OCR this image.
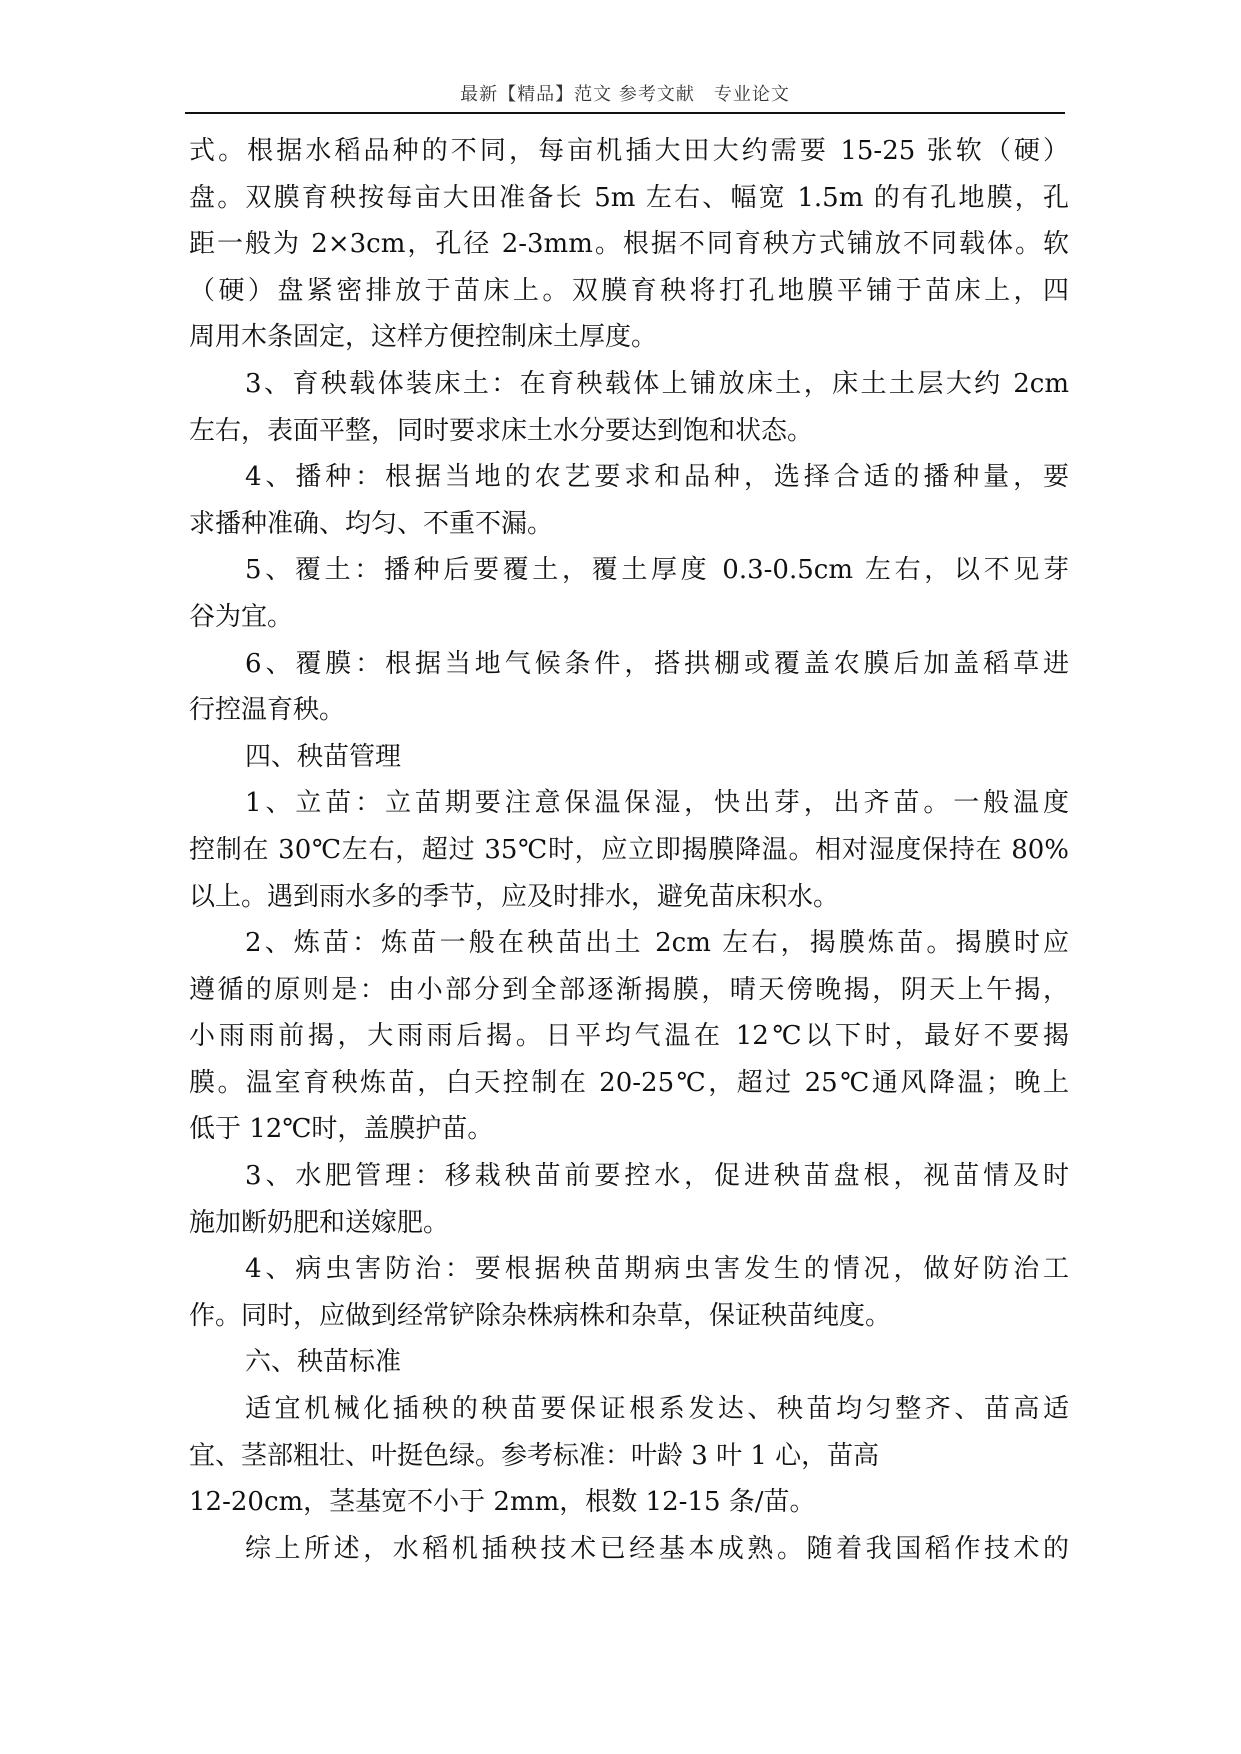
最新【精品】范文 参考文献　专业论文

式。根据水稻品种的不同，每亩机插大田大约需要 15-25 张软（硬）

盘。双膜育秧按每亩大田准备长 5m 左右、幅宽 1.5m 的有孔地膜，孔

距一般为 2×3cm，孔径 2-3mm。根据不同育秧方式铺放不同载体。软

（硬）盘紧密排放于苗床上。双膜育秧将打孔地膜平铺于苗床上，四

周用木条固定，这样方便控制床土厚度。

3、育秧载体装床土：在育秧载体上铺放床土，床土土层大约 2cm

左右，表面平整，同时要求床土水分要达到饱和状态。

4、播种：根据当地的农艺要求和品种，选择合适的播种量，要

求播种准确、均匀、不重不漏。

5、覆土：播种后要覆土，覆土厚度 0.3-0.5cm 左右，以不见芽

谷为宜。

6、覆膜：根据当地气候条件，搭拱棚或覆盖农膜后加盖稻草进

行控温育秧。

四、秧苗管理

1、立苗：立苗期要注意保温保湿，快出芽，出齐苗。一般温度

控制在 30℃左右，超过 35℃时，应立即揭膜降温。相对湿度保持在 80%

以上。遇到雨水多的季节，应及时排水，避免苗床积水。

2、炼苗：炼苗一般在秧苗出土 2cm 左右，揭膜炼苗。揭膜时应

遵循的原则是：由小部分到全部逐渐揭膜，晴天傍晚揭，阴天上午揭，

小雨雨前揭，大雨雨后揭。日平均气温在 12℃以下时，最好不要揭

膜。温室育秧炼苗，白天控制在 20-25℃，超过 25℃通风降温；晚上

低于 12℃时，盖膜护苗。

3、水肥管理：移栽秧苗前要控水，促进秧苗盘根，视苗情及时

施加断奶肥和送嫁肥。

4、病虫害防治：要根据秧苗期病虫害发生的情况，做好防治工

作。同时，应做到经常铲除杂株病株和杂草，保证秧苗纯度。

六、秧苗标准

适宜机械化插秧的秧苗要保证根系发达、秧苗均匀整齐、苗高适

宜、茎部粗壮、叶挺色绿。参考标准：叶龄 3 叶 1 心，苗高

12-20cm，茎基宽不小于 2mm，根数 12-15 条/苗。

综上所述，水稻机插秧技术已经基本成熟。随着我国稻作技术的
